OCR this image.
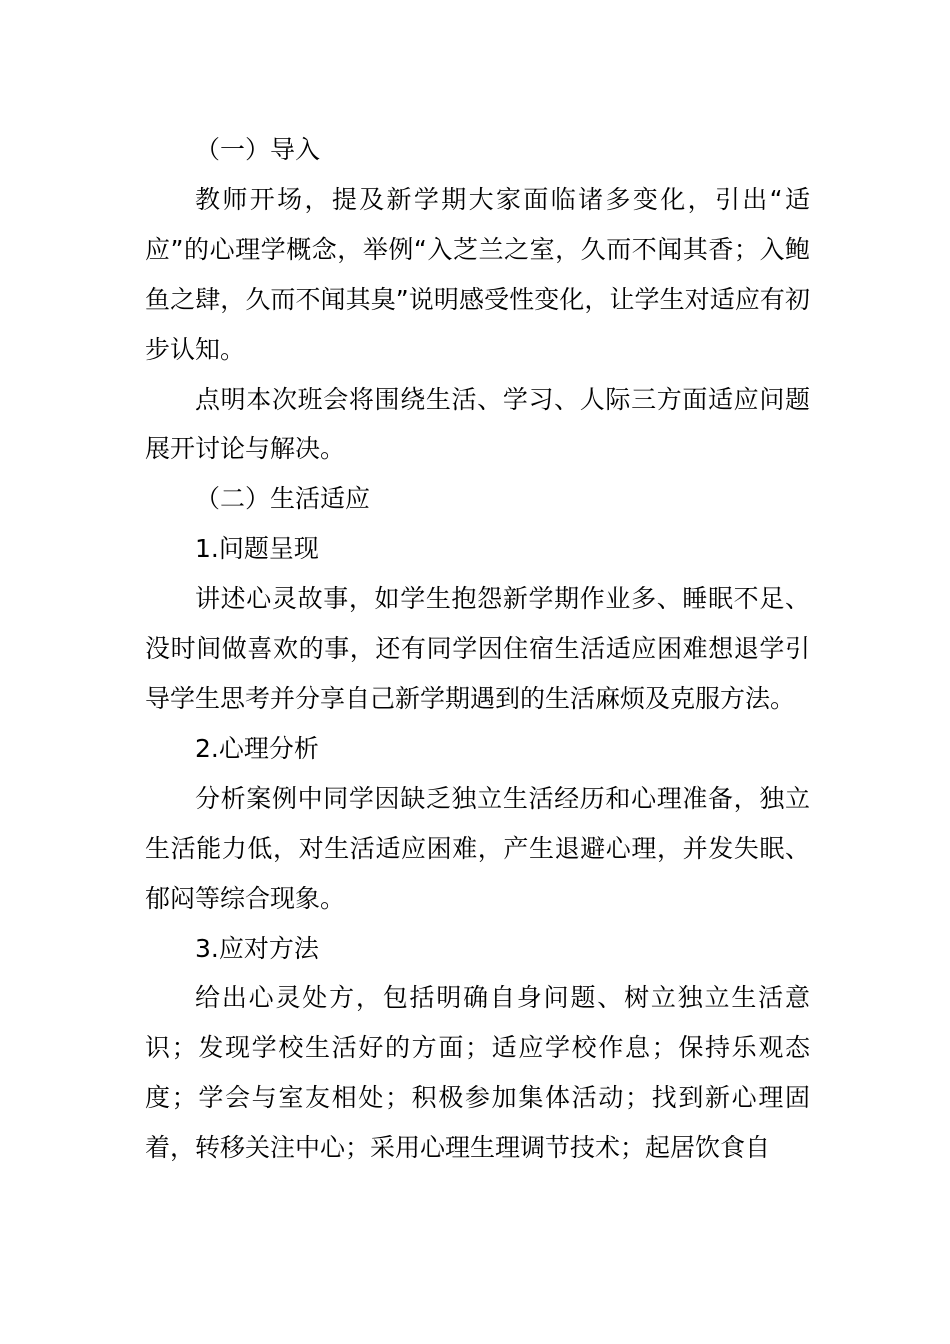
（一）导入

教师开场，提及新学期大家面临诸多变化，引出“适应”的心理学概念，举例“入芝兰之室，久而不闻其香；入鲍鱼之肆，久而不闻其臭”说明感受性变化，让学生对适应有初步认知。

点明本次班会将围绕生活、学习、人际三方面适应问题展开讨论与解决。

（二）生活适应

1.问题呈现

讲述心灵故事，如学生抱怨新学期作业多、睡眠不足、没时间做喜欢的事，还有同学因住宿生活适应困难想退学引导学生思考并分享自己新学期遇到的生活麻烦及克服方法。

2.心理分析

分析案例中同学因缺乏独立生活经历和心理准备，独立生活能力低，对生活适应困难，产生退避心理，并发失眠、郁闷等综合现象。

3.应对方法

给出心灵处方，包括明确自身问题、树立独立生活意识；发现学校生活好的方面；适应学校作息；保持乐观态度；学会与室友相处；积极参加集体活动；找到新心理固着，转移关注中心；采用心理生理调节技术；起居饮食自
